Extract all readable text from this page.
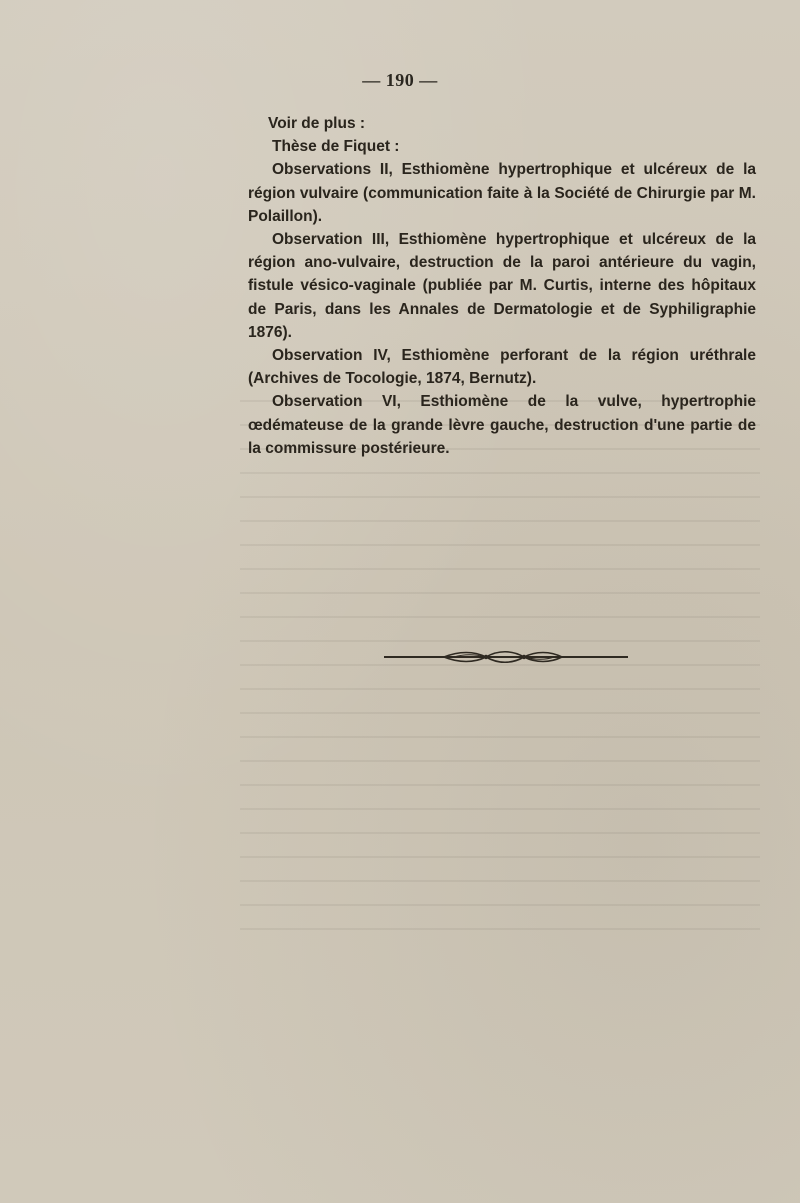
— 190 —

Voir de plus :

Thèse de Fiquet :

Observations II, Esthiomène hypertrophique et ulcéreux de la région vulvaire (communication faite à la Société de Chirurgie par M. Polaillon).

Observation III, Esthiomène hypertrophique et ulcéreux de la région ano-vulvaire, destruction de la paroi antérieure du vagin, fistule vésico-vaginale (publiée par M. Curtis, interne des hôpitaux de Paris, dans les Annales de Dermatologie et de Syphiligraphie 1876).

Observation IV, Esthiomène perforant de la région uréthrale (Archives de Tocologie, 1874, Bernutz).

Observation VI, Esthiomène de la vulve, hypertrophie œdémateuse de la grande lèvre gauche, destruction d'une partie de la commissure postérieure.
